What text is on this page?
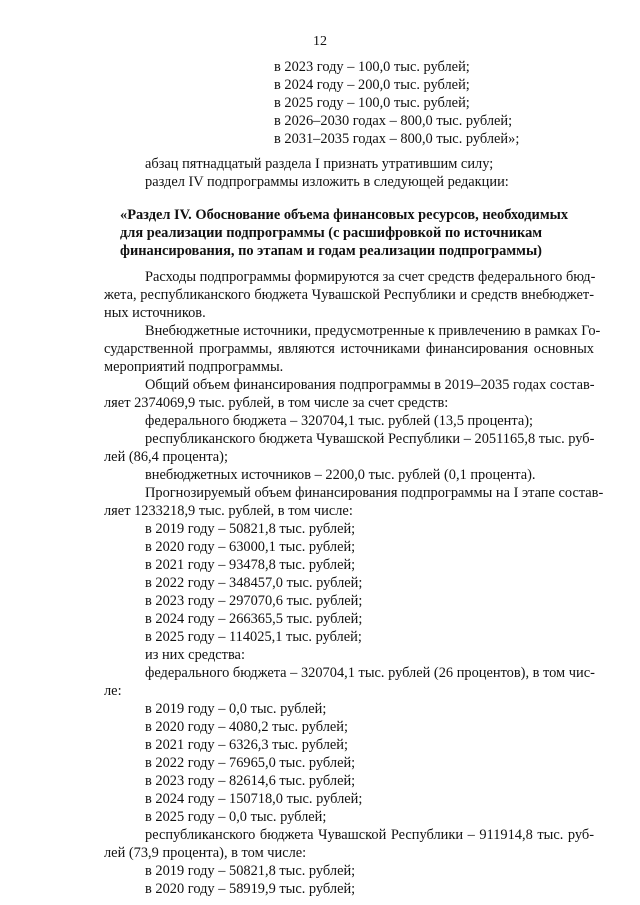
12
в 2023 году – 100,0 тыс. рублей;
в 2024 году – 200,0 тыс. рублей;
в 2025 году – 100,0 тыс. рублей;
в 2026–2030 годах – 800,0 тыс. рублей;
в 2031–2035 годах – 800,0 тыс. рублей»;
абзац пятнадцатый раздела I признать утратившим силу;
раздел IV подпрограммы изложить в следующей редакции:
«Раздел IV. Обоснование объема финансовых ресурсов, необходимых
для реализации подпрограммы (с расшифровкой по источникам
финансирования, по этапам и годам реализации подпрограммы)
Расходы подпрограммы формируются за счет средств федерального бюд-
жета, республиканского бюджета Чувашской Республики и средств внебюджет-
ных источников.
Внебюджетные источники, предусмотренные к привлечению в рамках Го-
сударственной программы, являются источниками финансирования основных
мероприятий подпрограммы.
Общий объем финансирования подпрограммы в 2019–2035 годах состав-
ляет 2374069,9 тыс. рублей, в том числе за счет средств:
федерального бюджета – 320704,1 тыс. рублей (13,5 процента);
республиканского бюджета Чувашской Республики – 2051165,8 тыс. руб-
лей (86,4 процента);
внебюджетных источников – 2200,0 тыс. рублей (0,1 процента).
Прогнозируемый объем финансирования подпрограммы на I этапе состав-
ляет 1233218,9 тыс. рублей, в том числе:
в 2019 году – 50821,8 тыс. рублей;
в 2020 году – 63000,1 тыс. рублей;
в 2021 году – 93478,8 тыс. рублей;
в 2022 году – 348457,0 тыс. рублей;
в 2023 году – 297070,6 тыс. рублей;
в 2024 году – 266365,5 тыс. рублей;
в 2025 году – 114025,1 тыс. рублей;
из них средства:
федерального бюджета – 320704,1 тыс. рублей (26 процентов), в том чис-
ле:
в 2019 году – 0,0 тыс. рублей;
в 2020 году – 4080,2 тыс. рублей;
в 2021 году – 6326,3 тыс. рублей;
в 2022 году – 76965,0 тыс. рублей;
в 2023 году – 82614,6 тыс. рублей;
в 2024 году – 150718,0 тыс. рублей;
в 2025 году – 0,0 тыс. рублей;
республиканского бюджета Чувашской Республики – 911914,8 тыс. руб-
лей (73,9 процента), в том числе:
в 2019 году – 50821,8 тыс. рублей;
в 2020 году – 58919,9 тыс. рублей;
